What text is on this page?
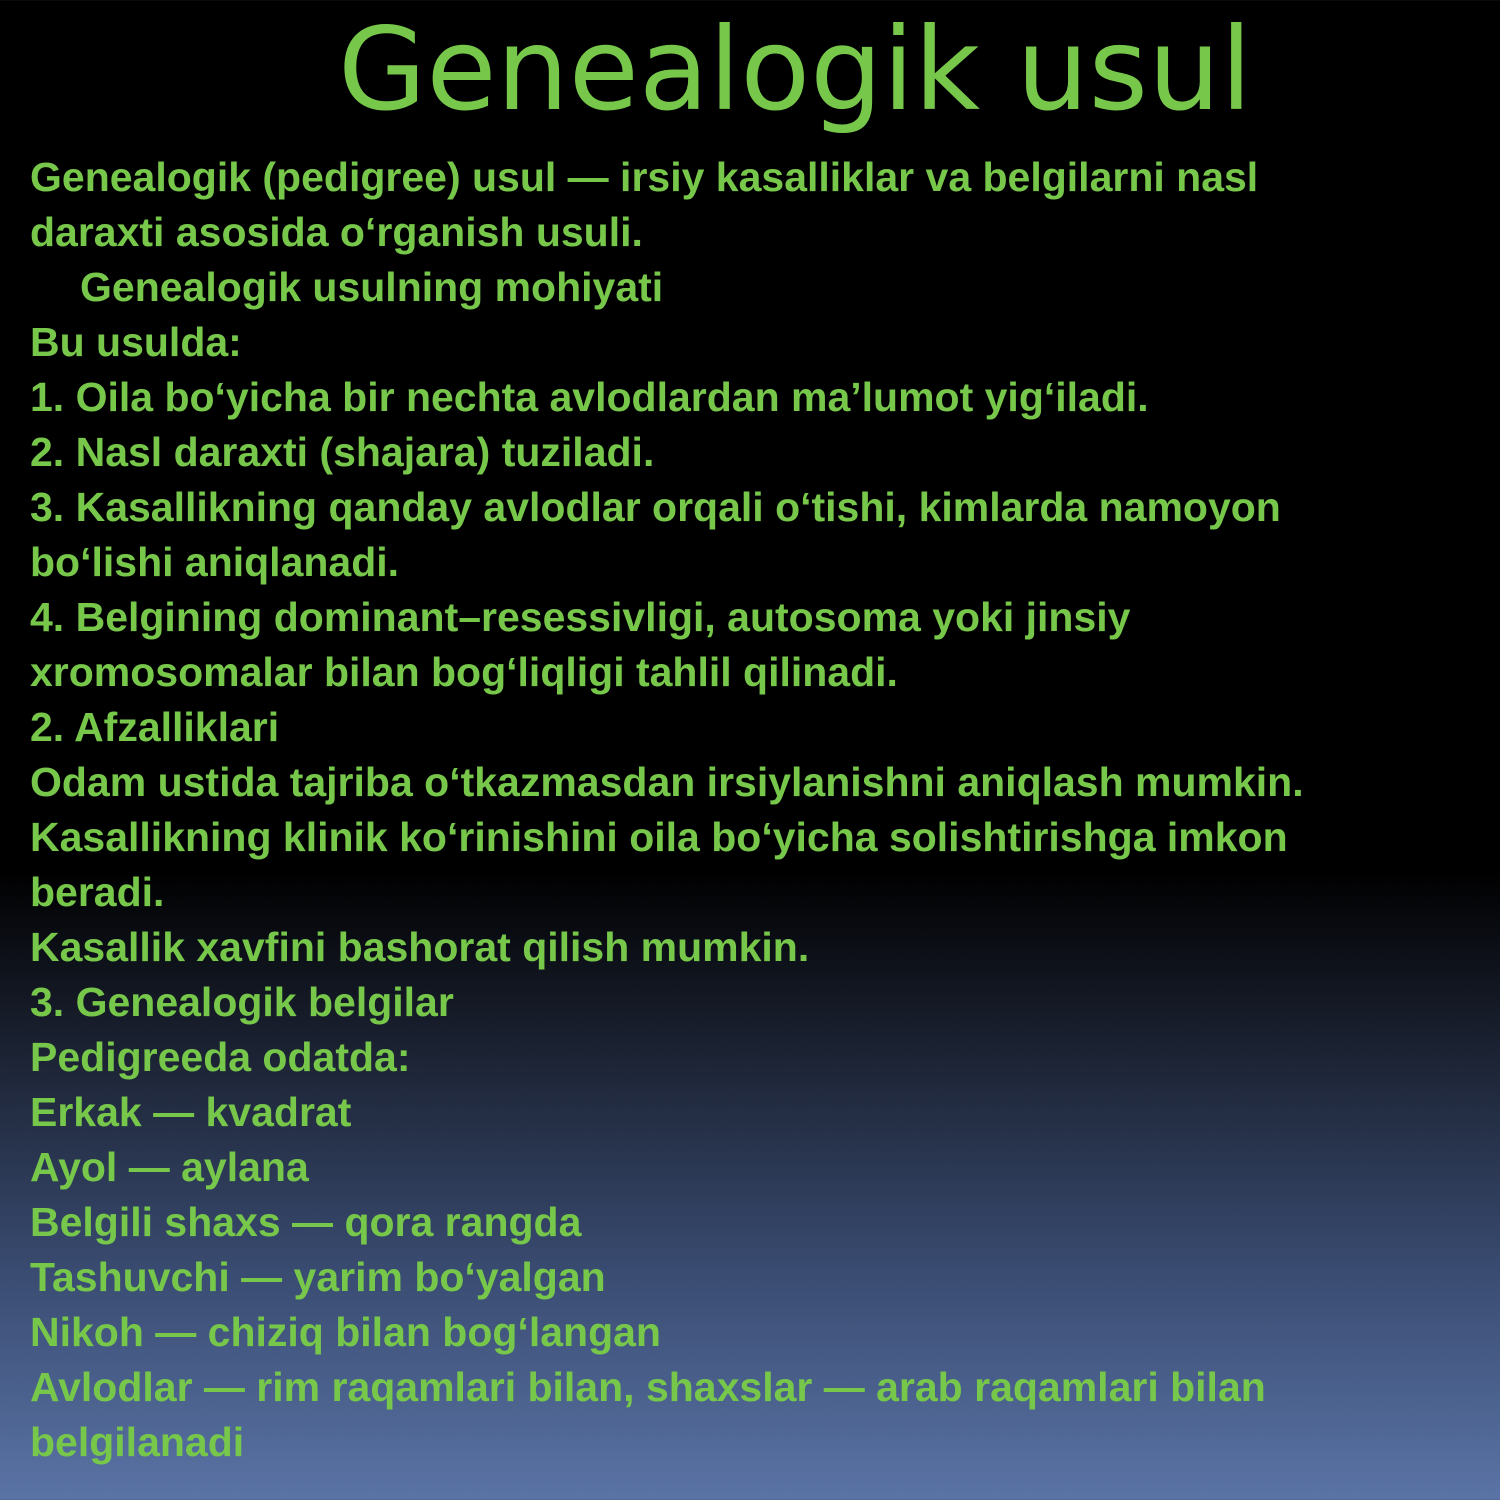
Genealogik usul
Genealogik (pedigree) usul — irsiy kasalliklar va belgilarni nasl
daraxti asosida o‘rganish usuli.
Genealogik usulning mohiyati
Bu usulda:
1. Oila bo‘yicha bir nechta avlodlardan ma’lumot yig‘iladi.
2. Nasl daraxti (shajara) tuziladi.
3. Kasallikning qanday avlodlar orqali o‘tishi, kimlarda namoyon
bo‘lishi aniqlanadi.
4. Belgining dominant–resessivligi, autosoma yoki jinsiy
xromosomalar bilan bog‘liqligi tahlil qilinadi.
2. Afzalliklari
Odam ustida tajriba o‘tkazmasdan irsiylanishni aniqlash mumkin.
Kasallikning klinik ko‘rinishini oila bo‘yicha solishtirishga imkon
beradi.
Kasallik xavfini bashorat qilish mumkin.
3. Genealogik belgilar
Pedigreeda odatda:
Erkak — kvadrat
Ayol — aylana
Belgili shaxs — qora rangda
Tashuvchi — yarim bo‘yalgan
Nikoh — chiziq bilan bog‘langan
Avlodlar — rim raqamlari bilan, shaxslar — arab raqamlari bilan
belgilanadi
